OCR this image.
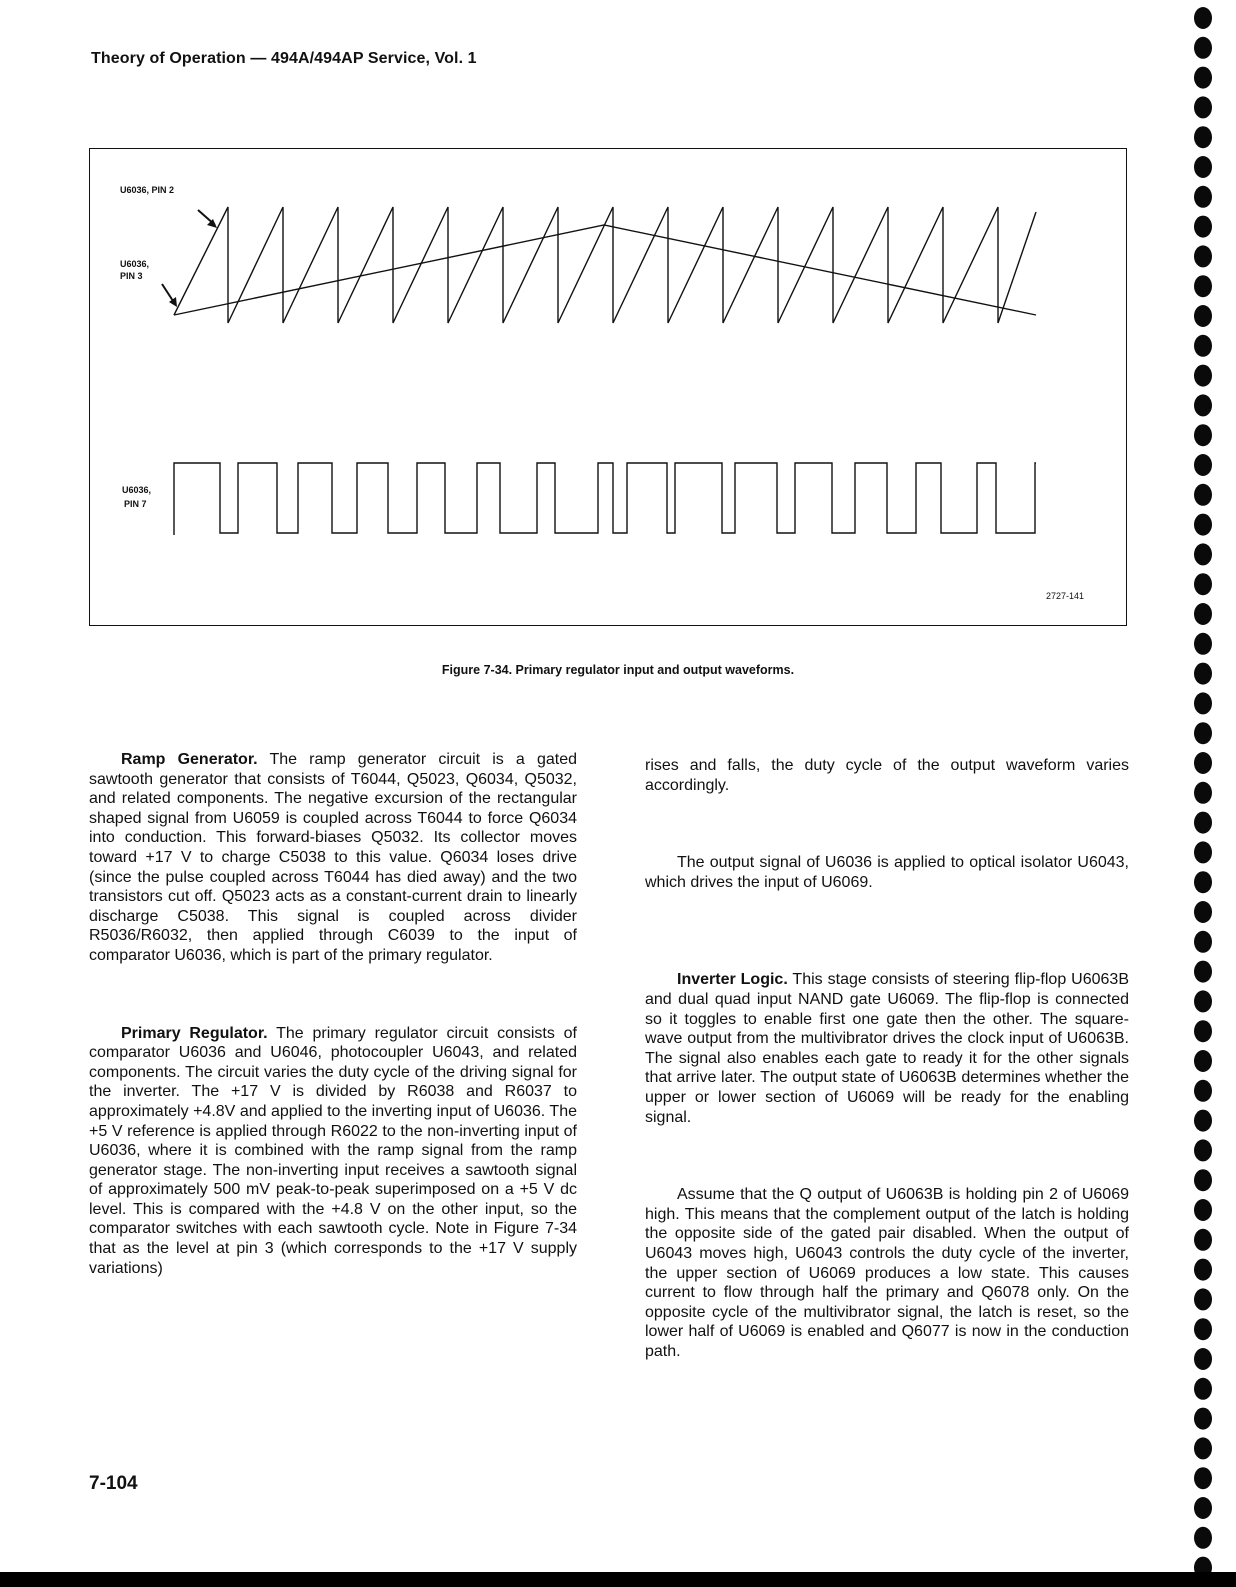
Theory of Operation — 494A/494AP Service, Vol. 1
U6036, PIN 2
U6036,
PIN 3
U6036,
PIN 7
2727-141
Figure 7-34. Primary regulator input and output waveforms.

Ramp Generator. The ramp generator circuit is a gated sawtooth generator that consists of T6044, Q5023, Q6034, Q5032, and related components. The negative excursion of the rectangular shaped signal from U6059 is coupled across T6044 to force Q6034 into conduction. This forward-biases Q5032. Its collector moves toward +17 V to charge C5038 to this value. Q6034 loses drive (since the pulse coupled across T6044 has died away) and the two transistors cut off. Q5023 acts as a constant-current drain to linearly discharge C5038. This signal is coupled across divider R5036/R6032, then applied through C6039 to the input of comparator U6036, which is part of the primary regulator.

Primary Regulator. The primary regulator circuit consists of comparator U6036 and U6046, photocoupler U6043, and related components. The circuit varies the duty cycle of the driving signal for the inverter. The +17 V is divided by R6038 and R6037 to approximately +4.8V and applied to the inverting input of U6036. The +5 V reference is applied through R6022 to the non-inverting input of U6036, where it is combined with the ramp signal from the ramp generator stage. The non-inverting input receives a sawtooth signal of approximately 500 mV peak-to-peak superimposed on a +5 V dc level. This is compared with the +4.8 V on the other input, so the comparator switches with each sawtooth cycle. Note in Figure 7-34 that as the level at pin 3 (which corresponds to the +17 V supply variations)

rises and falls, the duty cycle of the output waveform varies accordingly.

The output signal of U6036 is applied to optical isolator U6043, which drives the input of U6069.

Inverter Logic. This stage consists of steering flip-flop U6063B and dual quad input NAND gate U6069. The flip-flop is connected so it toggles to enable first one gate then the other. The square-wave output from the multivibrator drives the clock input of U6063B. The signal also enables each gate to ready it for the other signals that arrive later. The output state of U6063B determines whether the upper or lower section of U6069 will be ready for the enabling signal.

Assume that the Q output of U6063B is holding pin 2 of U6069 high. This means that the complement output of the latch is holding the opposite side of the gated pair disabled. When the output of U6043 moves high, U6043 controls the duty cycle of the inverter, the upper section of U6069 produces a low state. This causes current to flow through half the primary and Q6078 only. On the opposite cycle of the multivibrator signal, the latch is reset, so the lower half of U6069 is enabled and Q6077 is now in the conduction path.

7-104
